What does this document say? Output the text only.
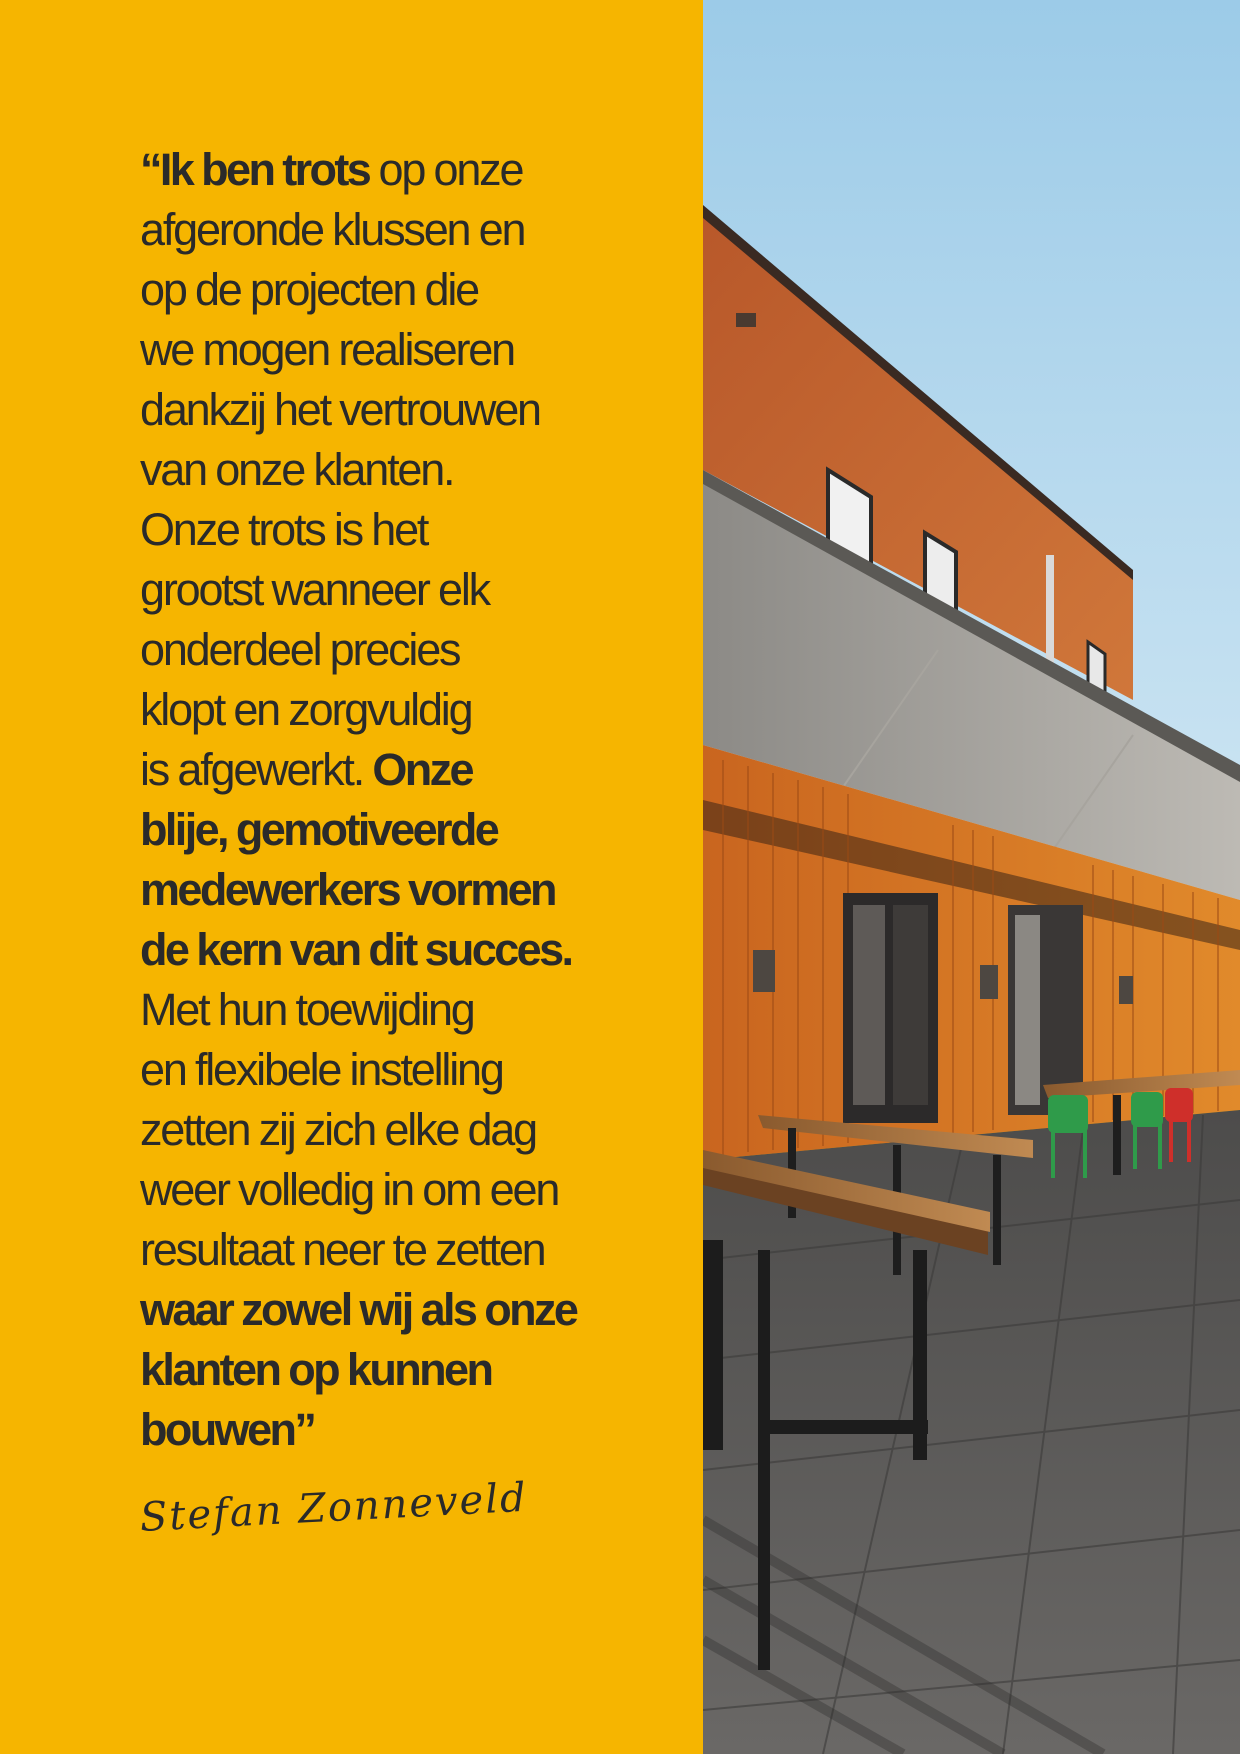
“Ik ben trots op onze
afgeronde klussen en
op de projecten die
we mogen realiseren
dankzij het vertrouwen
van onze klanten.
Onze trots is het
grootst wanneer elk
onderdeel precies
klopt en zorgvuldig
is afgewerkt. Onze
blije, gemotiveerde
medewerkers vormen
de kern van dit succes.
Met hun toewijding
en flexibele instelling
zetten zij zich elke dag
weer volledig in om een
resultaat neer te zetten
waar zowel wij als onze
klanten op kunnen
bouwen”

Stefan Zonneveld
